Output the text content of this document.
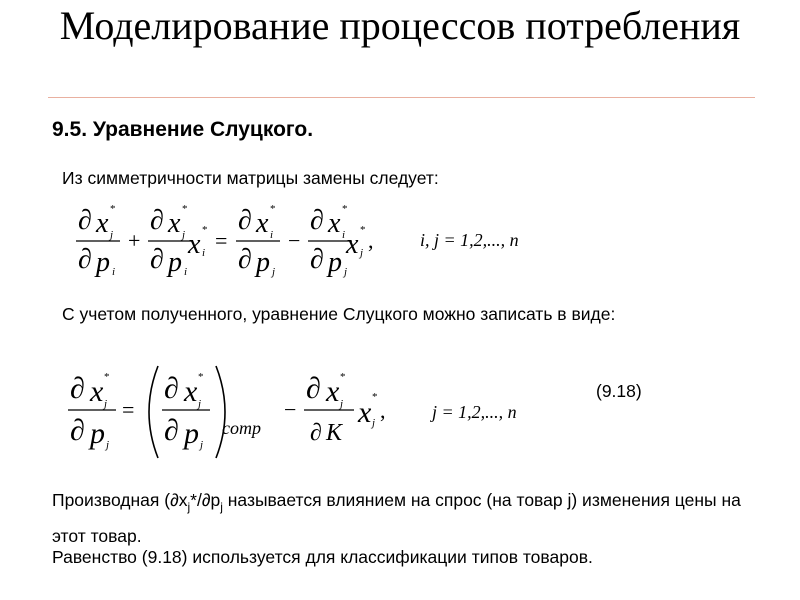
Моделирование процессов потребления
9.5. Уравнение Слуцкого.
Из симметричности матрицы замены следует:
∂ x *
j
∂ p i
+
∂ x *
j
∂ p i
x *
i =
∂ x *
i
∂ p j
−
∂ x *
i
∂ p j
x *
j ,	i, j = 1,2,..., n
С учетом полученного, уравнение Слуцкого можно записать в виде:
∂ x *
j
∂ p j
=
∂ x *
j
∂ p j
comp
−
∂ x *
j
∂ K
x *
j ,	j = 1,2,..., n
(9.18)
Производная ($\partial x_j*/\partial p_j$ называется влиянием на спрос (на товар j) изменения цены на этот товар.
Равенство (9.18) используется для классификации типов товаров.
